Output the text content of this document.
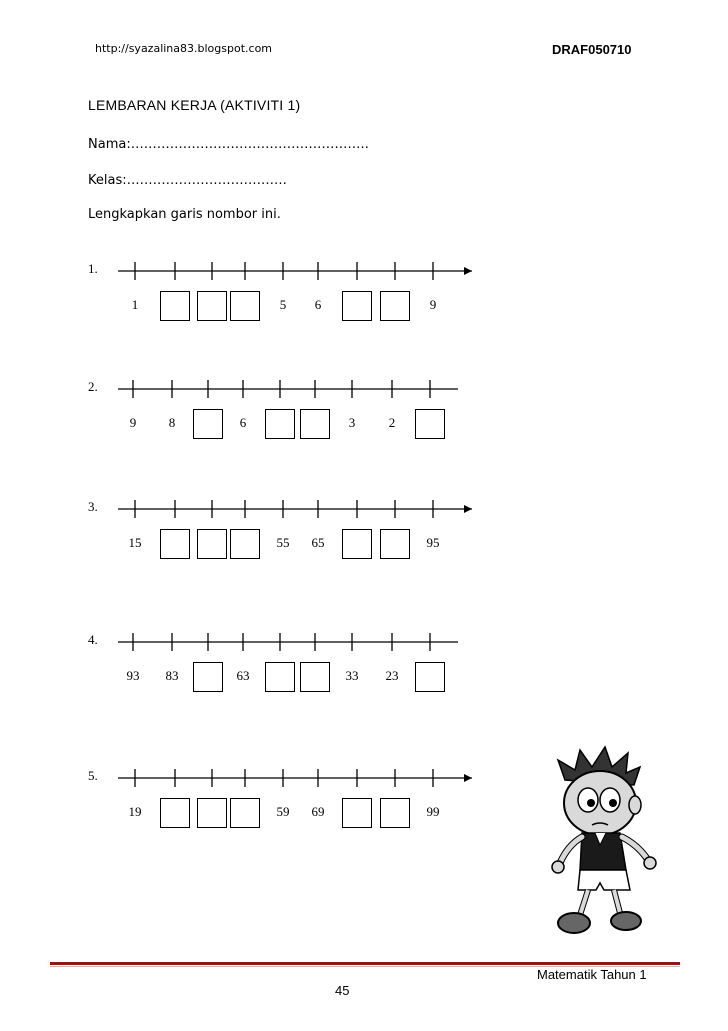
http://syazalina83.blogspot.com	DRAF050710
LEMBARAN KERJA (AKTIVITI 1)
Nama:……………………………………………….
Kelas:……………………………….
Lengkapkan garis nombor ini.
1.
1	5	6	9
2.
9	8	6	3	2
3.
15	55	65	95
4.
93	83	63	33	23
5.
19	59	69	99
Matematik Tahun 1
45
